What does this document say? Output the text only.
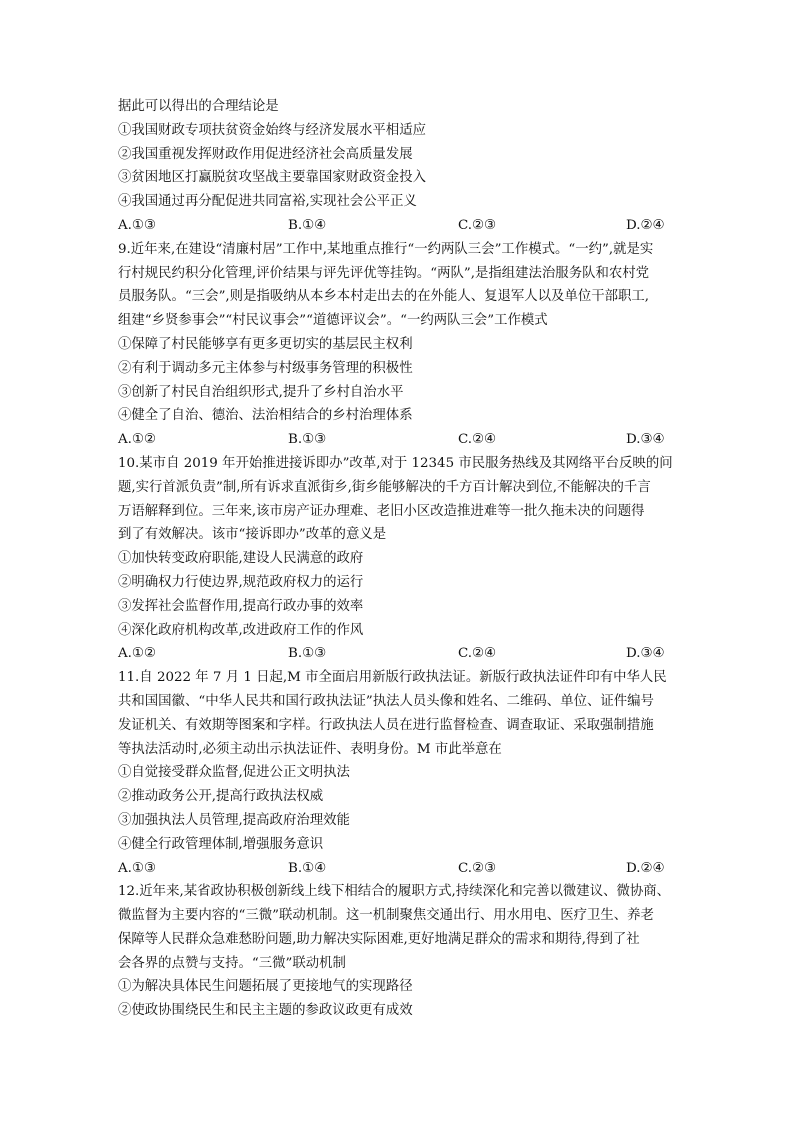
据此可以得出的合理结论是

①我国财政专项扶贫资金始终与经济发展水平相适应

②我国重视发挥财政作用促进经济社会高质量发展

③贫困地区打赢脱贫攻坚战主要靠国家财政资金投入

④我国通过再分配促进共同富裕,实现社会公平正义

A.①③	B.①④	C.②③	D.②④

9.近年来,在建设“清廉村居”工作中,某地重点推行“一约两队三会”工作模式。“一约”,就是实

行村规民约积分化管理,评价结果与评先评优等挂钩。“两队”,是指组建法治服务队和农村党

员服务队。“三会”,则是指吸纳从本乡本村走出去的在外能人、复退军人以及单位干部职工,

组建“乡贤参事会”“村民议事会”“道德评议会”。“一约两队三会”工作模式

①保障了村民能够享有更多更切实的基层民主权利

②有利于调动多元主体参与村级事务管理的积极性

③创新了村民自治组织形式,提升了乡村自治水平

④健全了自治、德治、法治相结合的乡村治理体系

A.①②	B.①③	C.②④	D.③④

10.某市自 2019 年开始推进接诉即办”改革,对于 12345 市民服务热线及其网络平台反映的问

题,实行首派负责”制,所有诉求直派街乡,街乡能够解决的千方百计解决到位,不能解决的千言

万语解释到位。三年来,该市房产证办理难、老旧小区改造推进难等一批久拖未决的问题得

到了有效解决。该市“接诉即办”改革的意义是

①加快转变政府职能,建设人民满意的政府

②明确权力行使边界,规范政府权力的运行

③发挥社会监督作用,提高行政办事的效率

④深化政府机构改革,改进政府工作的作风

A.①②	B.①③	C.②④	D.③④

11.自 2022 年 7 月 1 日起,M 市全面启用新版行政执法证。新版行政执法证件印有中华人民

共和国国徽、“中华人民共和国行政执法证”执法人员头像和姓名、二维码、单位、证件编号

发证机关、有效期等图案和字样。行政执法人员在进行监督检查、调查取证、采取强制措施

等执法活动时,必须主动出示执法证件、表明身份。M 市此举意在

①自觉接受群众监督,促进公正文明执法

②推动政务公开,提高行政执法权威

③加强执法人员管理,提高政府治理效能

④健全行政管理体制,增强服务意识

A.①③	B.①④	C.②③	D.②④

12.近年来,某省政协积极创新线上线下相结合的履职方式,持续深化和完善以微建议、微协商、

微监督为主要内容的“三微”联动机制。这一机制聚焦交通出行、用水用电、医疗卫生、养老

保障等人民群众急难愁盼问题,助力解决实际困难,更好地满足群众的需求和期待,得到了社

会各界的点赞与支持。“三微”联动机制

①为解决具体民生问题拓展了更接地气的实现路径

②使政协围绕民生和民主主题的参政议政更有成效
